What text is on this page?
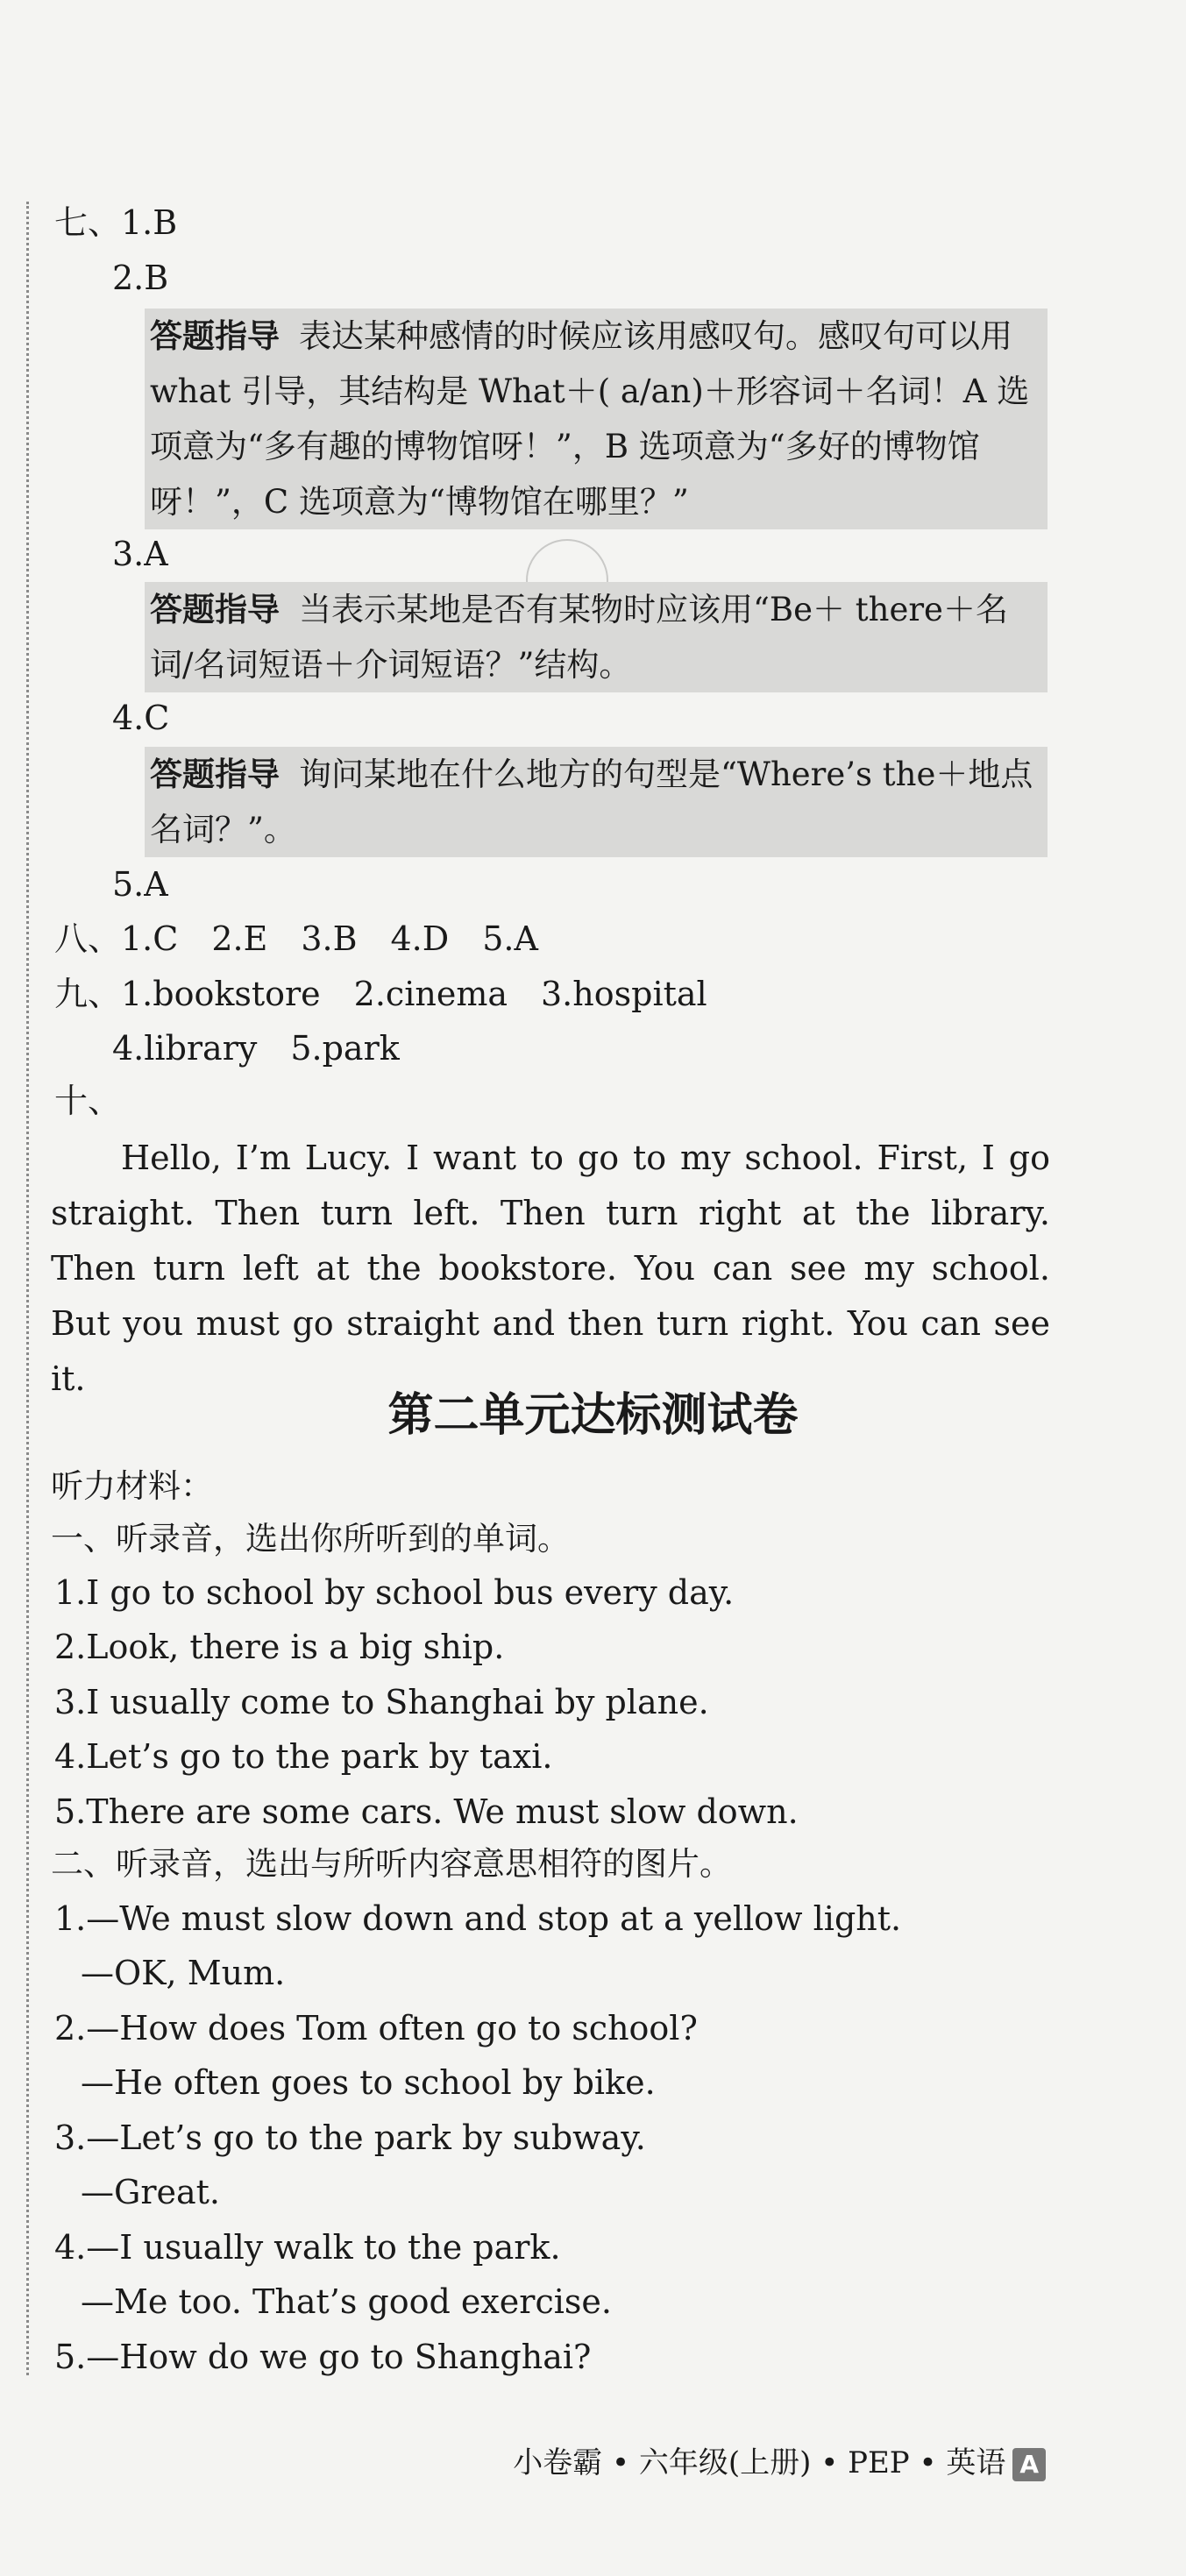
七、1.B
2.B
答题指导 表达某种感情的时候应该用感叹句。感叹句可以用 what 引导，其结构是 What＋( a/an)＋形容词＋名词！A 选项意为“多有趣的博物馆呀！”，B 选项意为“多好的博物馆呀！”，C 选项意为“博物馆在哪里？”
3.A
答题指导 当表示某地是否有某物时应该用“Be＋ there＋名词/名词短语＋介词短语？”结构。
4.C
答题指导 询问某地在什么地方的句型是“Where’s the＋地点名词？”。
5.A
八、1.C　2.E　3.B　4.D　5.A
九、1.bookstore　2.cinema　3.hospital
4.library　5.park
十、
Hello, I’m Lucy. I want to go to my school. First, I go straight. Then turn left. Then turn right at the library. Then turn left at the bookstore. You can see my school. But you must go straight and then turn right. You can see it.
第二单元达标测试卷
听力材料：
一、听录音，选出你所听到的单词。
1.I go to school by school bus every day.
2.Look, there is a big ship.
3.I usually come to Shanghai by plane.
4.Let’s go to the park by taxi.
5.There are some cars. We must slow down.
二、听录音，选出与所听内容意思相符的图片。
1.—We must slow down and stop at a yellow light.
—OK, Mum.
2.—How does Tom often go to school?
—He often goes to school by bike.
3.—Let’s go to the park by subway.
—Great.
4.—I usually walk to the park.
—Me too. That’s good exercise.
5.—How do we go to Shanghai?
小卷霸 • 六年级(上册) • PEP • 英语 A
